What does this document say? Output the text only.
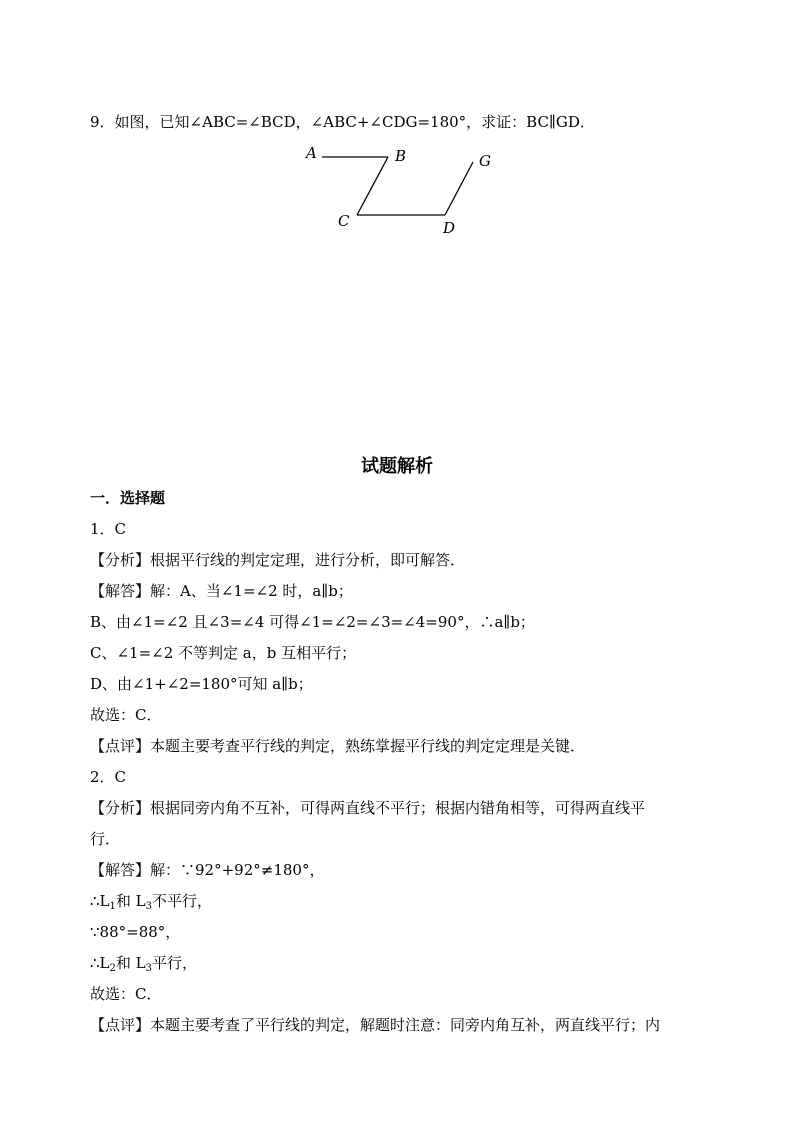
9．如图，已知∠ABC=∠BCD，∠ABC+∠CDG=180°，求证：BC∥GD．
A	B
C	D
G
试题解析
一．选择题
1．C
【分析】根据平行线的判定定理，进行分析，即可解答．
【解答】解：A、当∠1=∠2 时，a∥b；
B、由∠1=∠2 且∠3=∠4 可得∠1=∠2=∠3=∠4=90°，∴a∥b；
C、∠1=∠2 不等判定 a，b 互相平行；
D、由∠1+∠2=180°可知 a∥b；
故选：C．
【点评】本题主要考查平行线的判定，熟练掌握平行线的判定定理是关键．
2．C
【分析】根据同旁内角不互补，可得两直线不平行；根据内错角相等，可得两直线平
行．
【解答】解：∵92°+92°≠180°，
$\therefore L_1$和 $L_3$不平行，
∵88°=88°，
$\therefore L_2$和 $L_3$平行，
故选：C．
【点评】本题主要考查了平行线的判定，解题时注意：同旁内角互补，两直线平行；内
